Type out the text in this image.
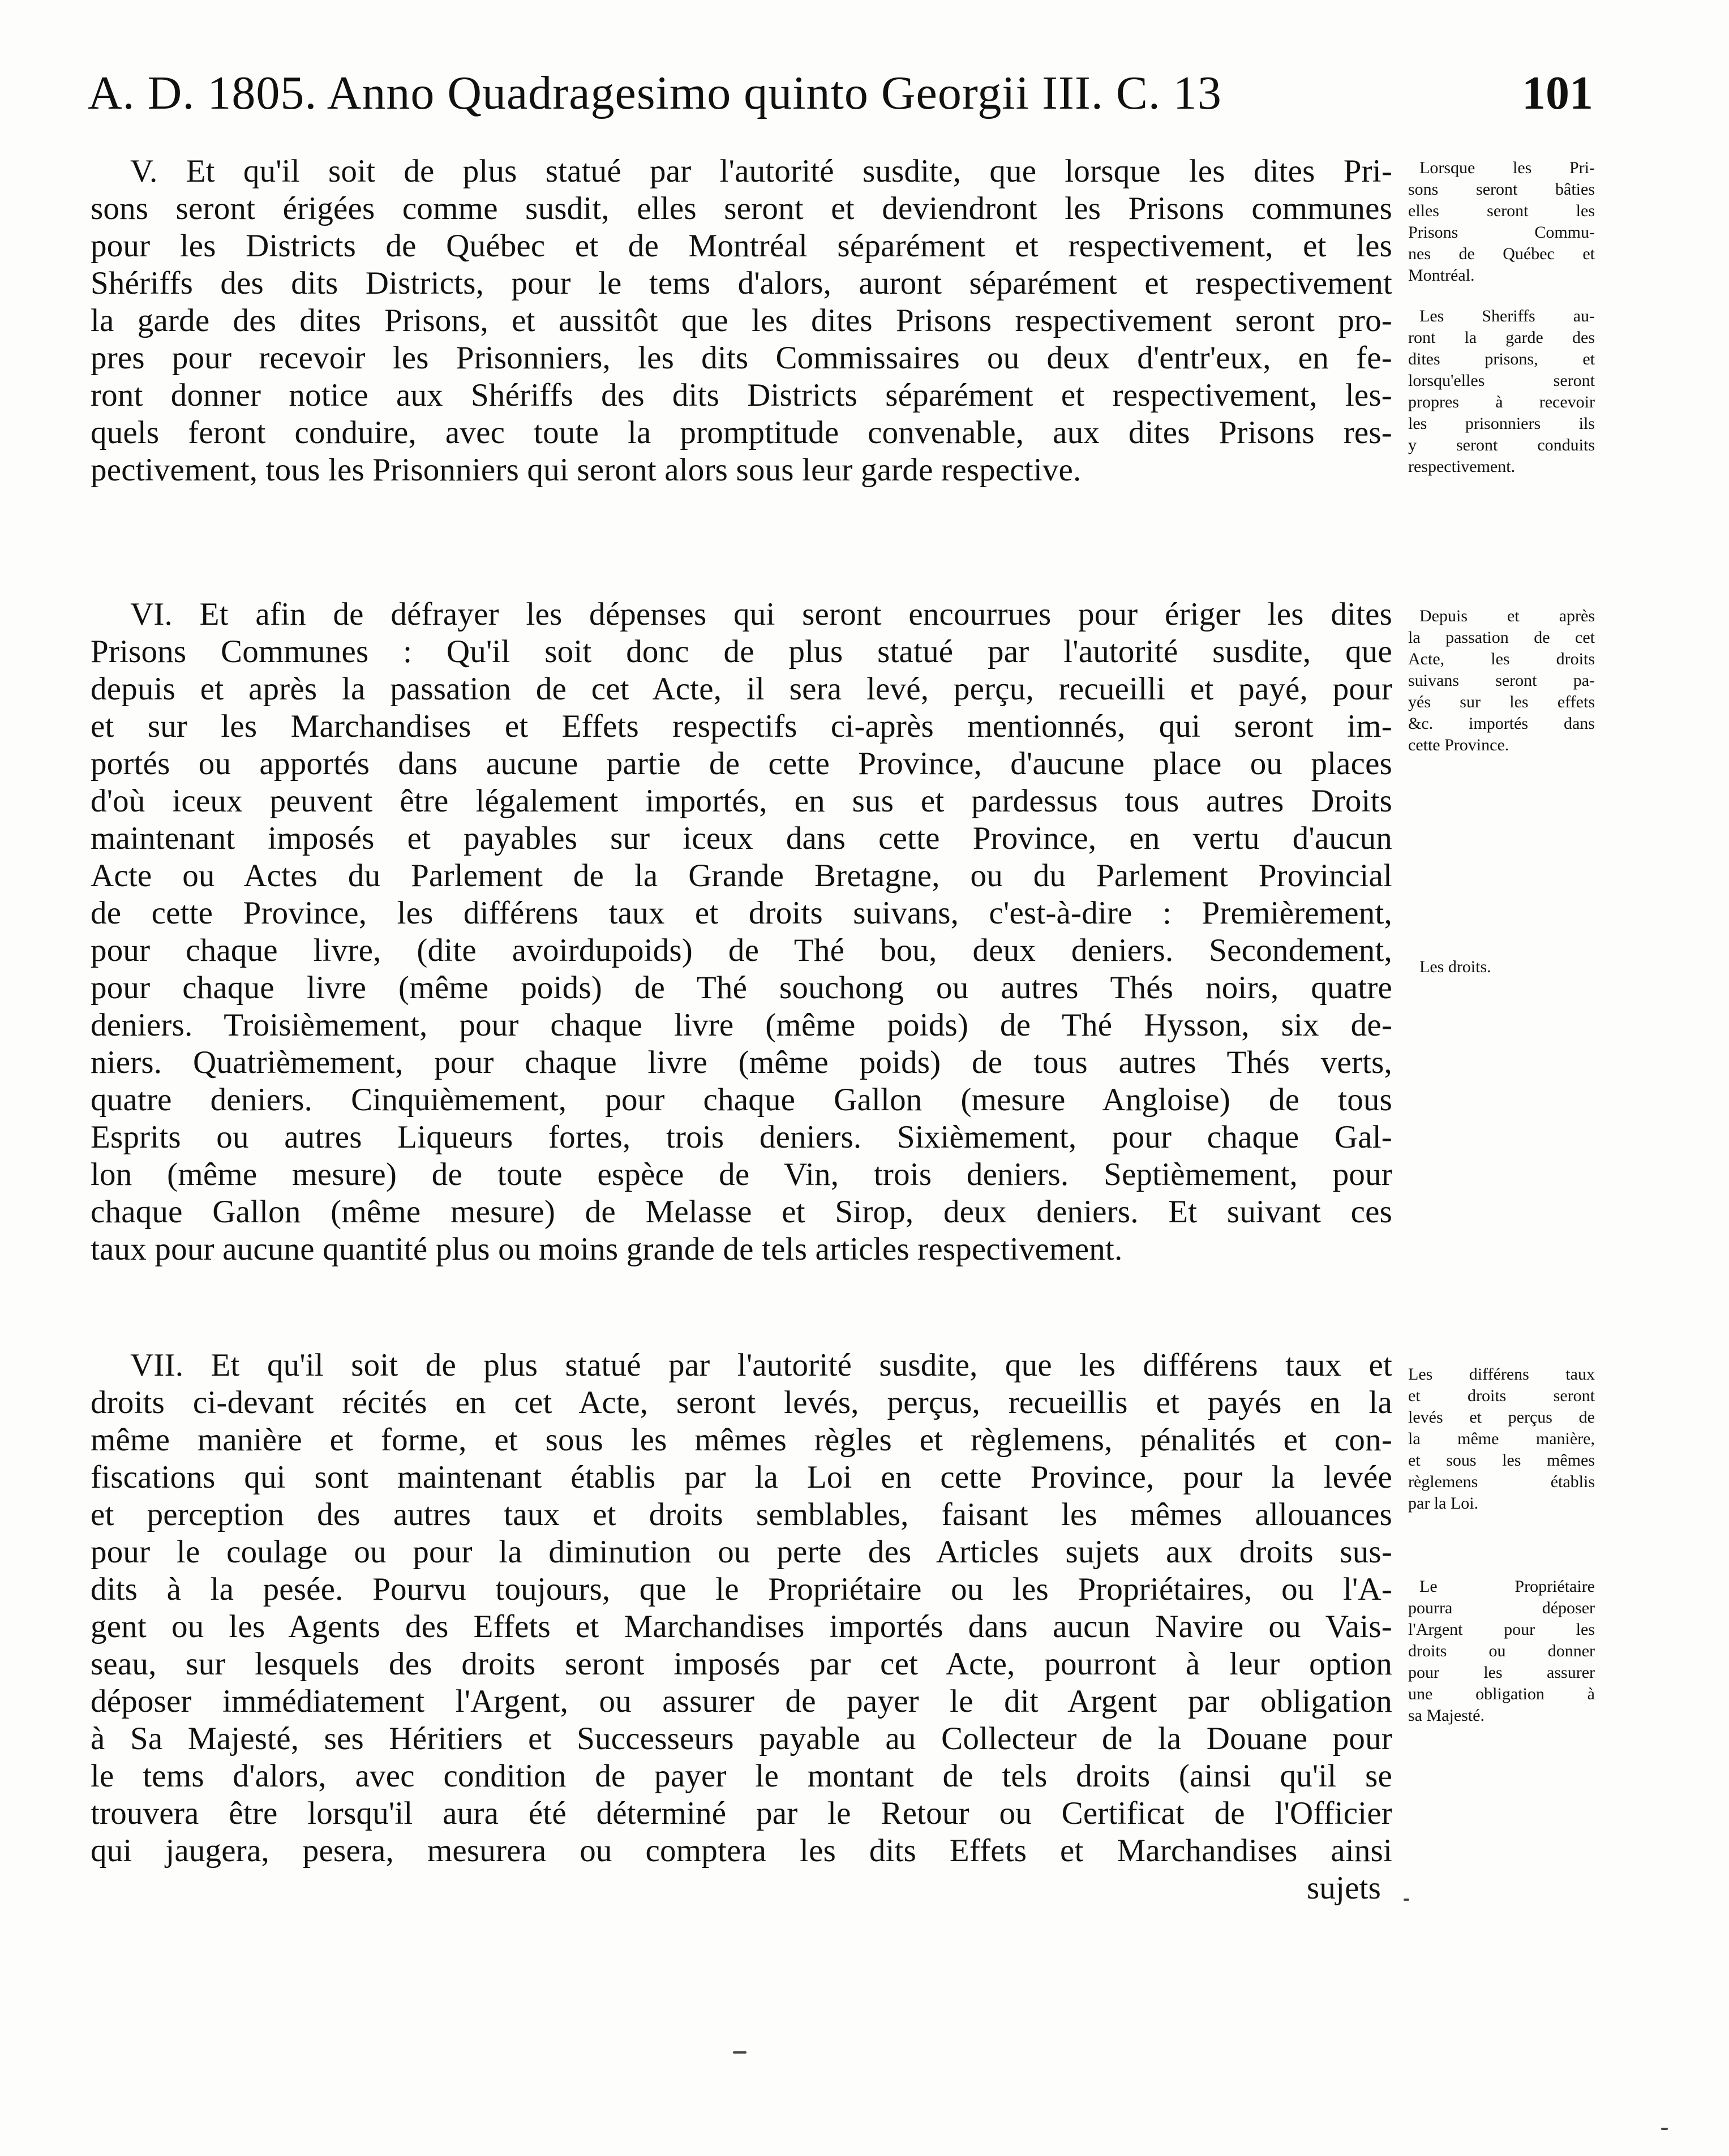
A. D. 1805. Anno Quadragesimo quinto Georgii III. C. 13	101
V. Et qu'il soit de plus statué par l'autorité susdite, que lorsque les dites Pri-
sons seront érigées comme susdit, elles seront et deviendront les Prisons communes
pour les Districts de Québec et de Montréal séparément et respectivement, et les
Shériffs des dits Districts, pour le tems d'alors, auront séparément et respectivement
la garde des dites Prisons, et aussitôt que les dites Prisons respectivement seront pro-
pres pour recevoir les Prisonniers, les dits Commissaires ou deux d'entr'eux, en fe-
ront donner notice aux Shériffs des dits Districts séparément et respectivement, les-
quels feront conduire, avec toute la promptitude convenable, aux dites Prisons res-
pectivement, tous les Prisonniers qui seront alors sous leur garde respective.
VI. Et afin de défrayer les dépenses qui seront encourrues pour ériger les dites
Prisons Communes : Qu'il soit donc de plus statué par l'autorité susdite, que
depuis et après la passation de cet Acte, il sera levé, perçu, recueilli et payé, pour
et sur les Marchandises et Effets respectifs ci-après mentionnés, qui seront im-
portés ou apportés dans aucune partie de cette Province, d'aucune place ou places
d'où iceux peuvent être légalement importés, en sus et pardessus tous autres Droits
maintenant imposés et payables sur iceux dans cette Province, en vertu d'aucun
Acte ou Actes du Parlement de la Grande Bretagne, ou du Parlement Provincial
de cette Province, les différens taux et droits suivans, c'est-à-dire : Premièrement,
pour chaque livre, (dite avoirdupoids) de Thé bou, deux deniers. Secondement,
pour chaque livre (même poids) de Thé souchong ou autres Thés noirs, quatre
deniers. Troisièmement, pour chaque livre (même poids) de Thé Hysson, six de-
niers. Quatrièmement, pour chaque livre (même poids) de tous autres Thés verts,
quatre deniers. Cinquièmement, pour chaque Gallon (mesure Angloise) de tous
Esprits ou autres Liqueurs fortes, trois deniers. Sixièmement, pour chaque Gal-
lon (même mesure) de toute espèce de Vin, trois deniers. Septièmement, pour
chaque Gallon (même mesure) de Melasse et Sirop, deux deniers. Et suivant ces
taux pour aucune quantité plus ou moins grande de tels articles respectivement.
VII. Et qu'il soit de plus statué par l'autorité susdite, que les différens taux et
droits ci-devant récités en cet Acte, seront levés, perçus, recueillis et payés en la
même manière et forme, et sous les mêmes règles et règlemens, pénalités et con-
fiscations qui sont maintenant établis par la Loi en cette Province, pour la levée
et perception des autres taux et droits semblables, faisant les mêmes allouances
pour le coulage ou pour la diminution ou perte des Articles sujets aux droits sus-
dits à la pesée. Pourvu toujours, que le Propriétaire ou les Propriétaires, ou l'A-
gent ou les Agents des Effets et Marchandises importés dans aucun Navire ou Vais-
seau, sur lesquels des droits seront imposés par cet Acte, pourront à leur option
déposer immédiatement l'Argent, ou assurer de payer le dit Argent par obligation
à Sa Majesté, ses Héritiers et Successeurs payable au Collecteur de la Douane pour
le tems d'alors, avec condition de payer le montant de tels droits (ainsi qu'il se
trouvera être lorsqu'il aura été déterminé par le Retour ou Certificat de l'Officier
qui jaugera, pesera, mesurera ou comptera les dits Effets et Marchandises ainsi
sujets
Lorsque les Pri-
sons seront bâties
elles seront les
Prisons Commu-
nes de Québec et
Montréal.
Les Sheriffs au-
ront la garde des
dites prisons, et
lorsqu'elles seront
propres à recevoir
les prisonniers ils
y seront conduits
respectivement.
Depuis et après
la passation de cet
Acte, les droits
suivans seront pa-
yés sur les effets
&c. importés dans
cette Province.
Les droits.
Les différens taux
et droits seront
levés et perçus de
la même manière,
et sous les mêmes
règlemens établis
par la Loi.
Le Propriétaire
pourra déposer
l'Argent pour les
droits ou donner
pour les assurer
une obligation à
sa Majesté.
